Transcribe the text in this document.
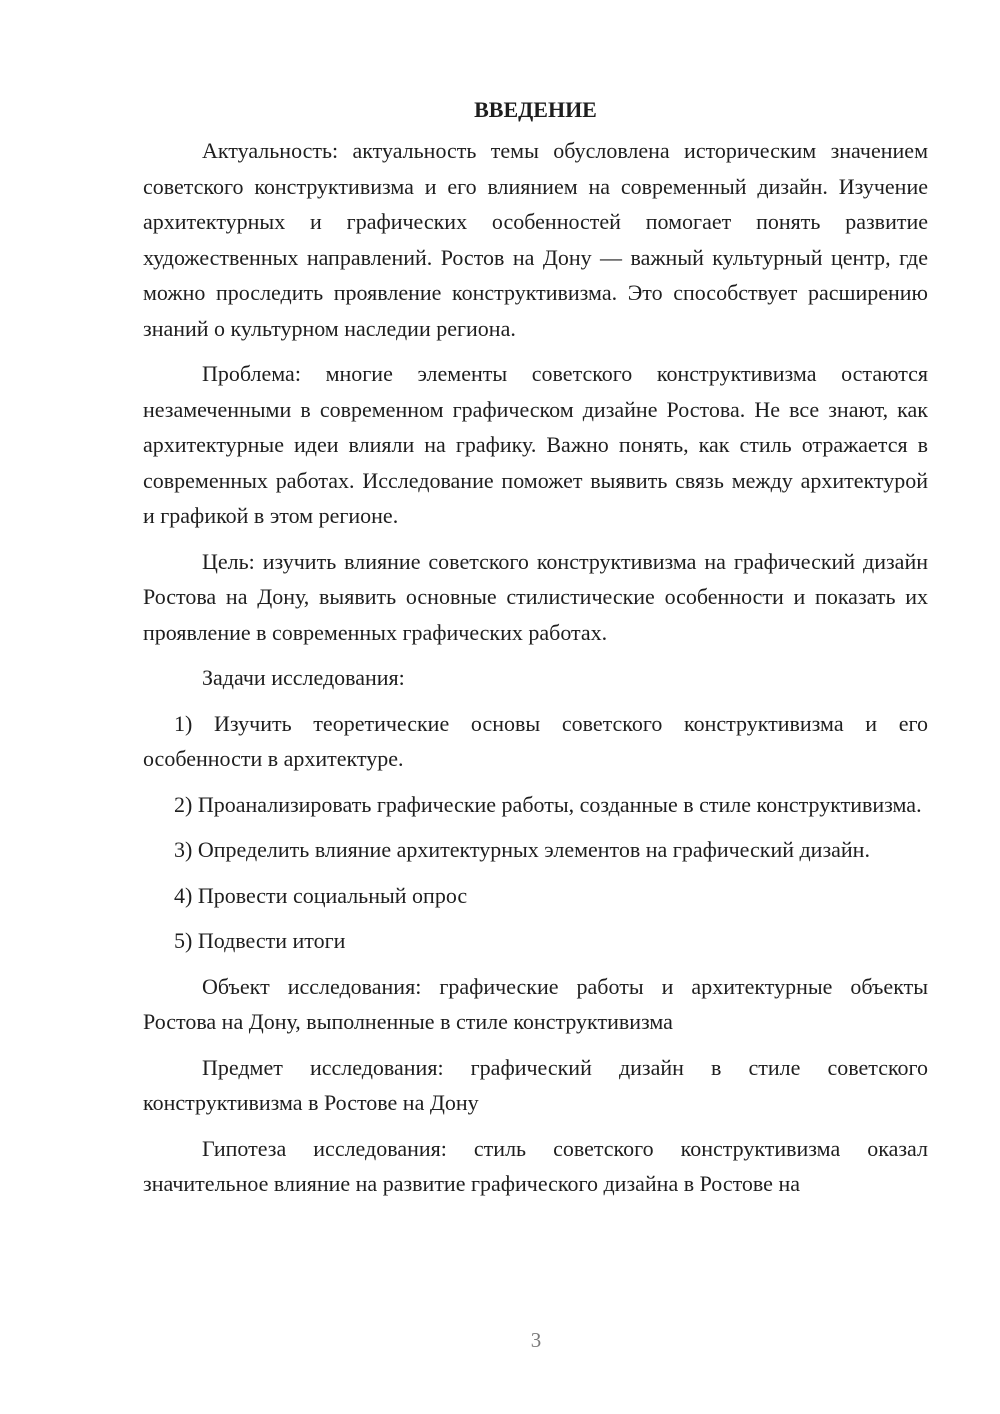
ВВЕДЕНИЕ

Актуальность: актуальность темы обусловлена историческим значением советского конструктивизма и его влиянием на современный дизайн. Изучение архитектурных и графических особенностей помогает понять развитие художественных направлений. Ростов на Дону — важный культурный центр, где можно проследить проявление конструктивизма. Это способствует расширению знаний о культурном наследии региона.

Проблема: многие элементы советского конструктивизма остаются незамеченными в современном графическом дизайне Ростова. Не все знают, как архитектурные идеи влияли на графику. Важно понять, как стиль отражается в современных работах. Исследование поможет выявить связь между архитектурой и графикой в этом регионе.

Цель: изучить влияние советского конструктивизма на графический дизайн Ростова на Дону, выявить основные стилистические особенности и показать их проявление в современных графических работах.

Задачи исследования:

1) Изучить теоретические основы советского конструктивизма и его особенности в архитектуре.

2) Проанализировать графические работы, созданные в стиле конструктивизма.

3) Определить влияние архитектурных элементов на графический дизайн.

4) Провести социальный опрос

5) Подвести итоги

Объект исследования: графические работы и архитектурные объекты Ростова на Дону, выполненные в стиле конструктивизма

Предмет исследования: графический дизайн в стиле советского конструктивизма в Ростове на Дону

Гипотеза исследования: стиль советского конструктивизма оказал значительное влияние на развитие графического дизайна в Ростове на

3
